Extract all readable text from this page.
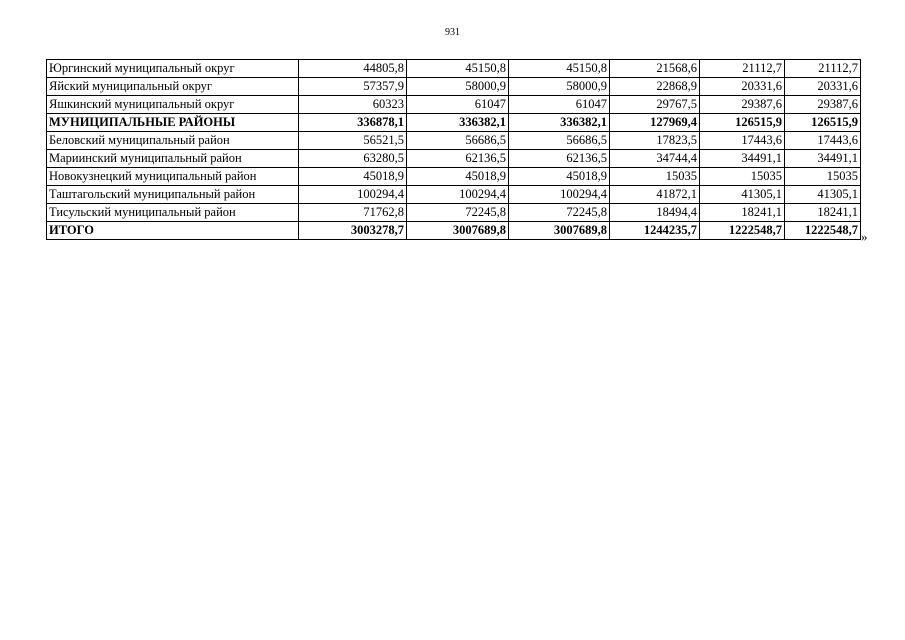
931
Юргинский муниципальный округ	44805,8	45150,8	45150,8	21568,6	21112,7	21112,7
Яйский муниципальный округ	57357,9	58000,9	58000,9	22868,9	20331,6	20331,6
Яшкинский муниципальный округ	60323	61047	61047	29767,5	29387,6	29387,6
МУНИЦИПАЛЬНЫЕ РАЙОНЫ	336878,1	336382,1	336382,1	127969,4	126515,9	126515,9
Беловский муниципальный район	56521,5	56686,5	56686,5	17823,5	17443,6	17443,6
Мариинский муниципальный район	63280,5	62136,5	62136,5	34744,4	34491,1	34491,1
Новокузнецкий муниципальный район	45018,9	45018,9	45018,9	15035	15035	15035
Таштагольский муниципальный район	100294,4	100294,4	100294,4	41872,1	41305,1	41305,1
Тисульский муниципальный район	71762,8	72245,8	72245,8	18494,4	18241,1	18241,1
ИТОГО	3003278,7	3007689,8	3007689,8	1244235,7	1222548,7	1222548,7 »
